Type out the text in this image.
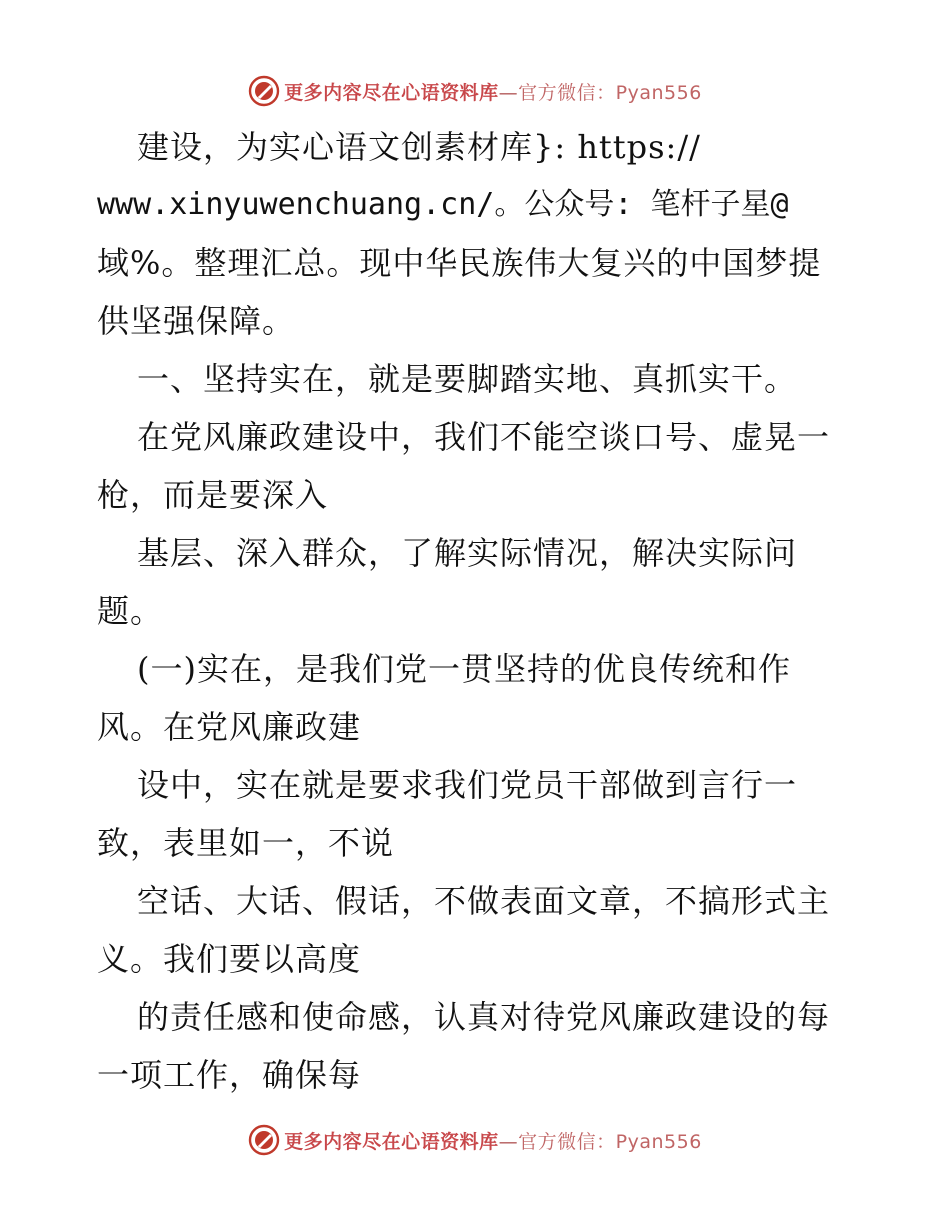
更多内容尽在心语资料库—官方微信：Pyan556
建设，为实心语文创素材库}: https://
www.xinyuwenchuang.cn/。公众号: 笔杆子星@
域%。整理汇总。现中华民族伟大复兴的中国梦提
供坚强保障。
一、坚持实在，就是要脚踏实地、真抓实干。
在党风廉政建设中，我们不能空谈口号、虚晃一
枪，而是要深入
基层、深入群众，了解实际情况，解决实际问
题。
(一)实在，是我们党一贯坚持的优良传统和作
风。在党风廉政建
设中，实在就是要求我们党员干部做到言行一
致，表里如一，不说
空话、大话、假话，不做表面文章，不搞形式主
义。我们要以高度
的责任感和使命感，认真对待党风廉政建设的每
一项工作，确保每
更多内容尽在心语资料库—官方微信：Pyan556
